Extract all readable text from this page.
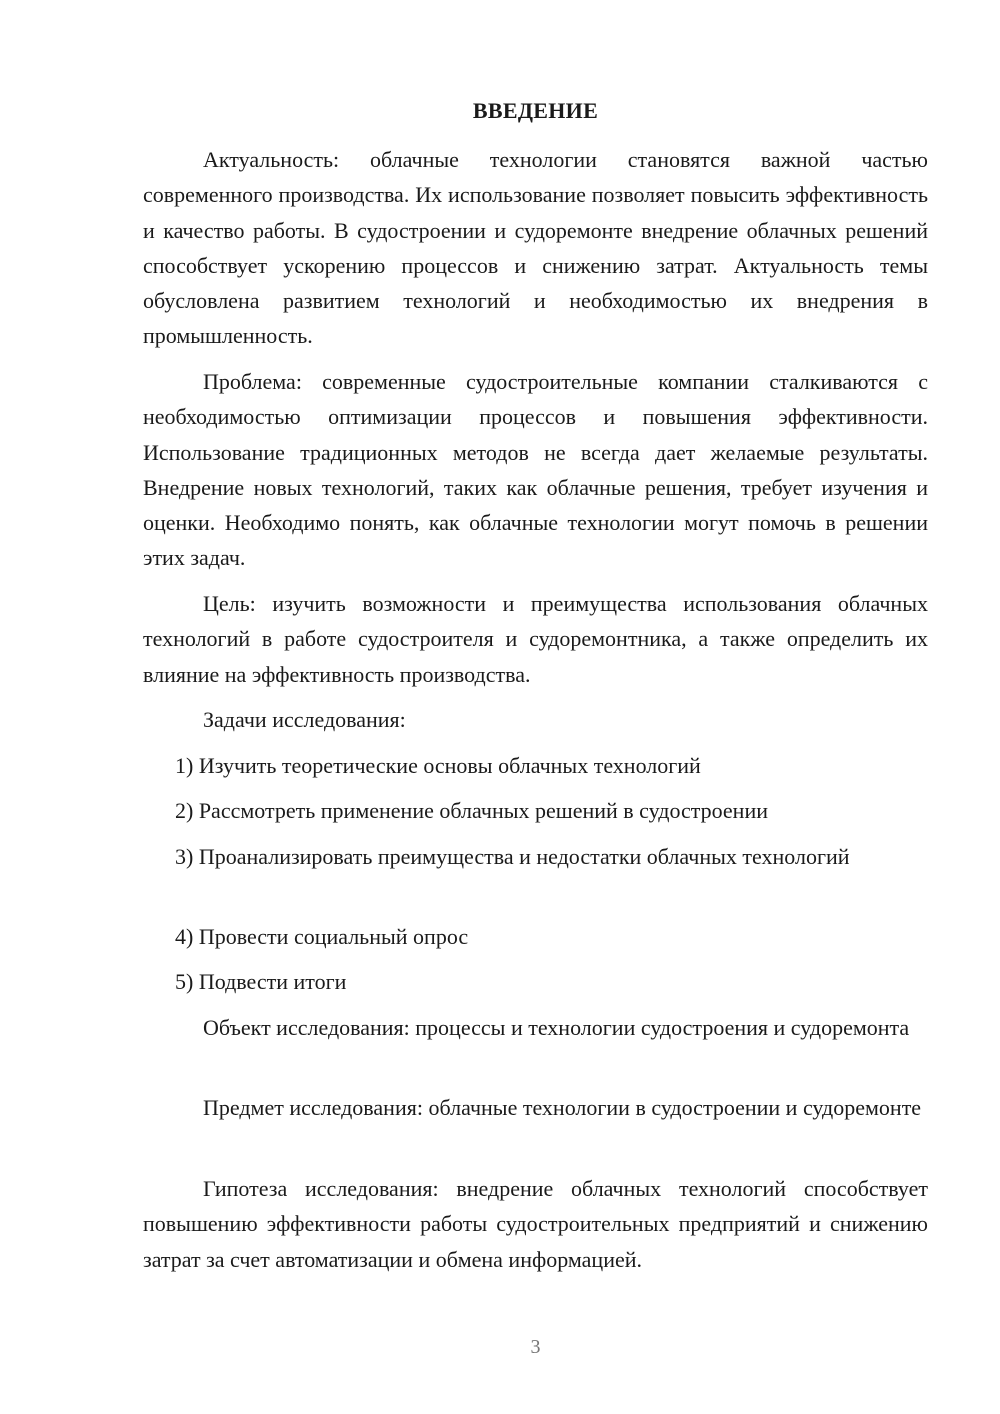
ВВЕДЕНИЕ

Актуальность: облачные технологии становятся важной частью современного производства. Их использование позволяет повысить эффективность и качество работы. В судостроении и судоремонте внедрение облачных решений способствует ускорению процессов и снижению затрат. Актуальность темы обусловлена развитием технологий и необходимостью их внедрения в промышленность.

Проблема: современные судостроительные компании сталкиваются с необходимостью оптимизации процессов и повышения эффективности. Использование традиционных методов не всегда дает желаемые результаты. Внедрение новых технологий, таких как облачные решения, требует изучения и оценки. Необходимо понять, как облачные технологии могут помочь в решении этих задач.

Цель: изучить возможности и преимущества использования облачных технологий в работе судостроителя и судоремонтника, а также определить их влияние на эффективность производства.

Задачи исследования:

1) Изучить теоретические основы облачных технологий

2) Рассмотреть применение облачных решений в судостроении

3) Проанализировать преимущества и недостатки облачных технологий

4) Провести социальный опрос

5) Подвести итоги

Объект исследования: процессы и технологии судостроения и судоремонта

Предмет исследования: облачные технологии в судостроении и судоремонте

Гипотеза исследования: внедрение облачных технологий способствует повышению эффективности работы судостроительных предприятий и снижению затрат за счет автоматизации и обмена информацией.

3
